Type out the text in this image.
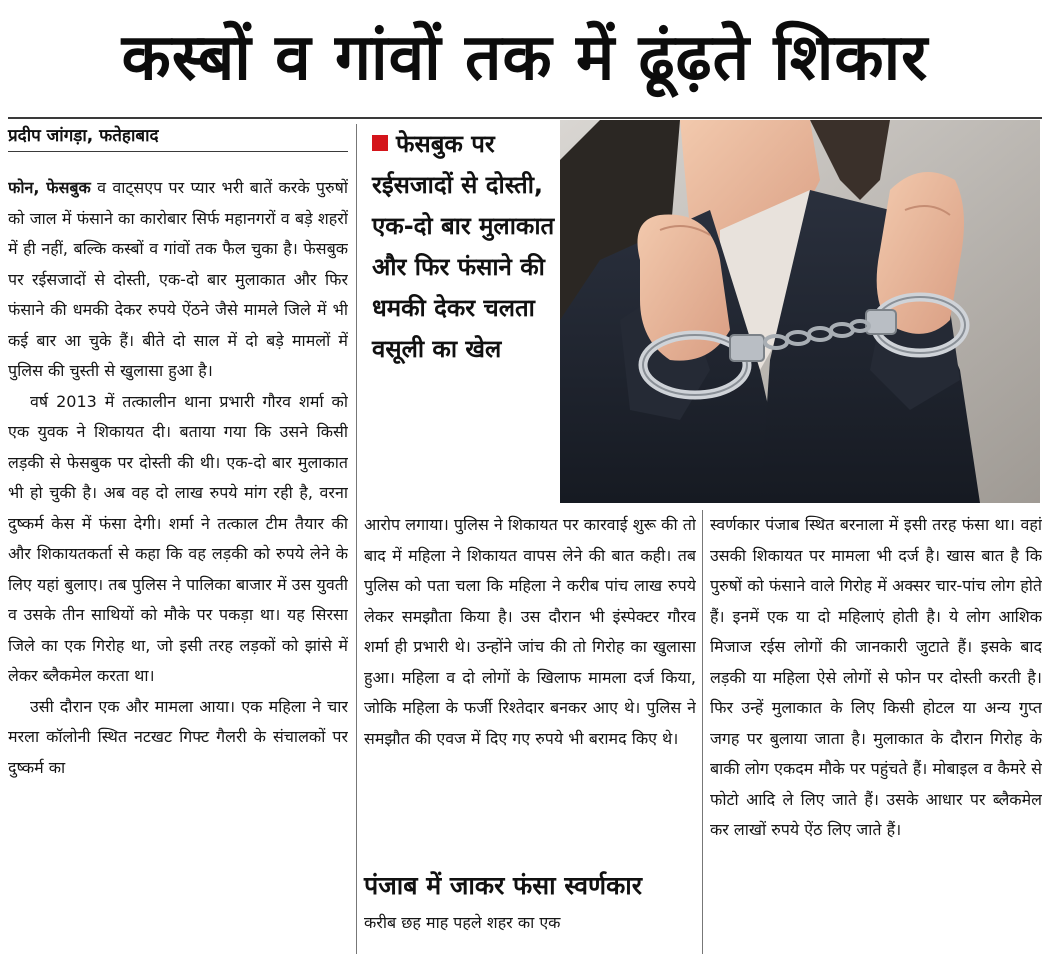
कस्बों व गांवों तक में ढूंढ़ते शिकार
प्रदीप जांगड़ा, फतेहाबाद

फोन, फेसबुक व वाट्सएप पर प्यार भरी बातें करके पुरुषों को जाल में फंसाने का कारोबार सिर्फ महानगरों व बड़े शहरों में ही नहीं, बल्कि कस्बों व गांवों तक फैल चुका है। फेसबुक पर रईसजादों से दोस्ती, एक-दो बार मुलाकात और फिर फंसाने की धमकी देकर रुपये ऐंठने जैसे मामले जिले में भी कई बार आ चुके हैं। बीते दो साल में दो बड़े मामलों में पुलिस की चुस्ती से खुलासा हुआ है।

वर्ष 2013 में तत्कालीन थाना प्रभारी गौरव शर्मा को एक युवक ने शिकायत दी। बताया गया कि उसने किसी लड़की से फेसबुक पर दोस्ती की थी। एक-दो बार मुलाकात भी हो चुकी है। अब वह दो लाख रुपये मांग रही है, वरना दुष्कर्म केस में फंसा देगी। शर्मा ने तत्काल टीम तैयार की और शिकायतकर्ता से कहा कि वह लड़की को रुपये लेने के लिए यहां बुलाए। तब पुलिस ने पालिका बाजार में उस युवती व उसके तीन साथियों को मौके पर पकड़ा था। यह सिरसा जिले का एक गिरोह था, जो इसी तरह लड़कों को झांसे में लेकर ब्लैकमेल करता था।

उसी दौरान एक और मामला आया। एक महिला ने चार मरला कॉलोनी स्थित नटखट गिफ्ट गैलरी के संचालकों पर दुष्कर्म का

फेसबुक पर रईसजादों से दोस्ती, एक-दो बार मुलाकात और फिर फंसाने की धमकी देकर चलता वसूली का खेल

आरोप लगाया। पुलिस ने शिकायत पर कारवाई शुरू की तो बाद में महिला ने शिकायत वापस लेने की बात कही। तब पुलिस को पता चला कि महिला ने करीब पांच लाख रुपये लेकर समझौता किया है। उस दौरान भी इंस्पेक्टर गौरव शर्मा ही प्रभारी थे। उन्होंने जांच की तो गिरोह का खुलासा हुआ। महिला व दो लोगों के खिलाफ मामला दर्ज किया, जोकि महिला के फर्जी रिश्तेदार बनकर आए थे। पुलिस ने समझौत की एवज में दिए गए रुपये भी बरामद किए थे।

पंजाब में जाकर फंसा स्वर्णकार

करीब छह माह पहले शहर का एक

स्वर्णकार पंजाब स्थित बरनाला में इसी तरह फंसा था। वहां उसकी शिकायत पर मामला भी दर्ज है। खास बात है कि पुरुषों को फंसाने वाले गिरोह में अक्सर चार-पांच लोग होते हैं। इनमें एक या दो महिलाएं होती है। ये लोग आशिक मिजाज रईस लोगों की जानकारी जुटाते हैं। इसके बाद लड़की या महिला ऐसे लोगों से फोन पर दोस्ती करती है। फिर उन्हें मुलाकात के लिए किसी होटल या अन्य गुप्त जगह पर बुलाया जाता है। मुलाकात के दौरान गिरोह के बाकी लोग एकदम मौके पर पहुंचते हैं। मोबाइल व कैमरे से फोटो आदि ले लिए जाते हैं। उसके आधार पर ब्लैकमेल कर लाखों रुपये ऐंठ लिए जाते हैं।
